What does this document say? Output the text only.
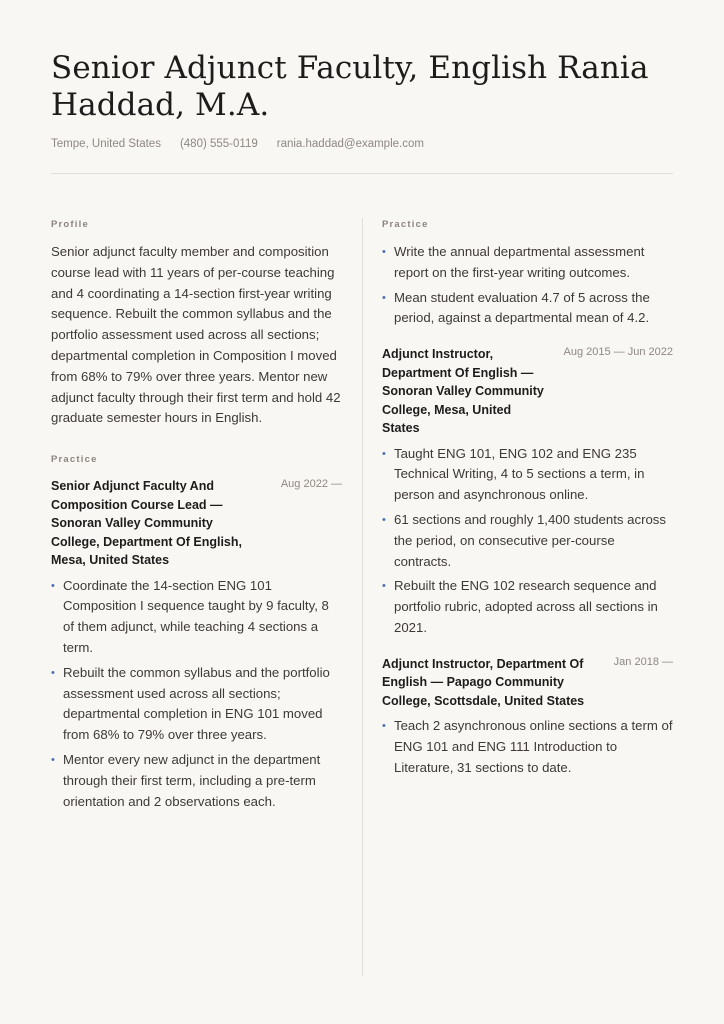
Senior Adjunct Faculty, English Rania Haddad, M.A.
Tempe, United States (480) 555-0119 rania.haddad@example.com
Profile

Senior adjunct faculty member and composition course lead with 11 years of per-course teaching and 4 coordinating a 14-section first-year writing sequence. Rebuilt the common syllabus and the portfolio assessment used across all sections; departmental completion in Composition I moved from 68% to 79% over three years. Mentor new adjunct faculty through their first term and hold 42 graduate semester hours in English.

Practice
Senior Adjunct Faculty And Composition Course Lead — Sonoran Valley Community College, Department Of English, Mesa, United States
Aug 2022 —
• Coordinate the 14-section ENG 101 Composition I sequence taught by 9 faculty, 8 of them adjunct, while teaching 4 sections a term.
• Rebuilt the common syllabus and the portfolio assessment used across all sections; departmental completion in ENG 101 moved from 68% to 79% over three years.
• Mentor every new adjunct in the department through their first term, including a pre-term orientation and 2 observations each.
Practice
• Write the annual departmental assessment report on the first-year writing outcomes.
• Mean student evaluation 4.7 of 5 across the period, against a departmental mean of 4.2.
Adjunct Instructor, Department Of English — Sonoran Valley Community College, Mesa, United States
Aug 2015 — Jun 2022
• Taught ENG 101, ENG 102 and ENG 235 Technical Writing, 4 to 5 sections a term, in person and asynchronous online.
• 61 sections and roughly 1,400 students across the period, on consecutive per-course contracts.
• Rebuilt the ENG 102 research sequence and portfolio rubric, adopted across all sections in 2021.
Adjunct Instructor, Department Of English — Papago Community College, Scottsdale, United States
Jan 2018 —
• Teach 2 asynchronous online sections a term of ENG 101 and ENG 111 Introduction to Literature, 31 sections to date.
